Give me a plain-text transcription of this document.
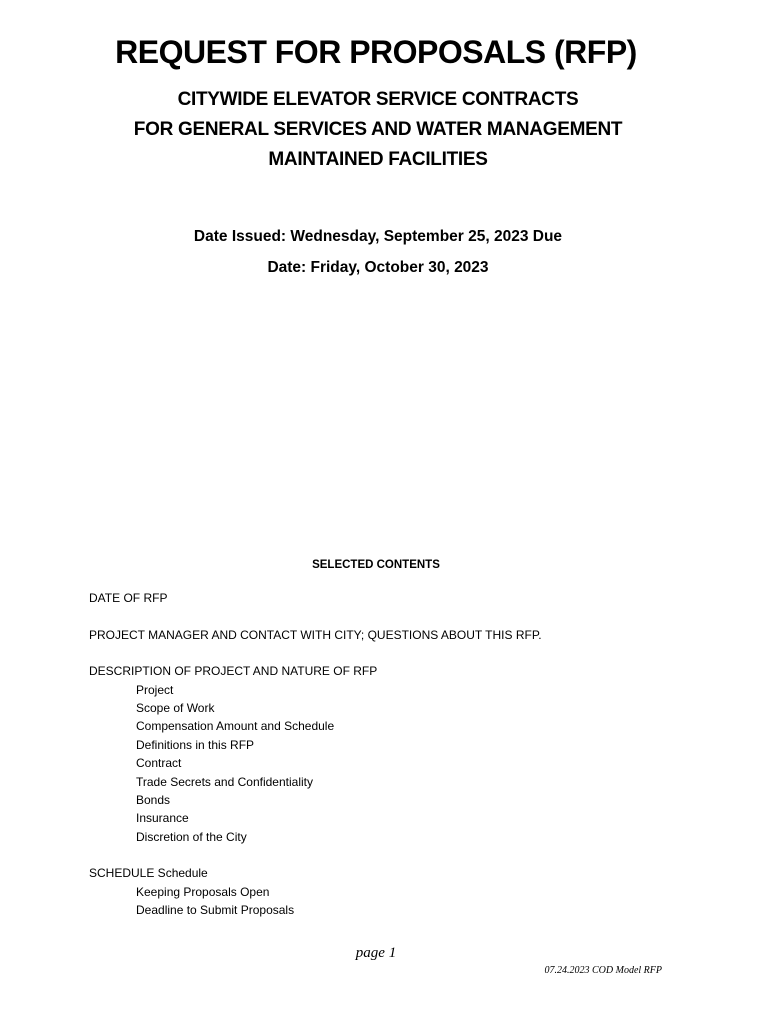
REQUEST FOR PROPOSALS (RFP)
CITYWIDE ELEVATOR SERVICE CONTRACTS
FOR GENERAL SERVICES AND WATER MANAGEMENT
MAINTAINED FACILITIES
Date Issued: Wednesday, September 25, 2023 Due
Date: Friday, October 30, 2023
SELECTED CONTENTS
DATE OF RFP
PROJECT MANAGER AND CONTACT WITH CITY; QUESTIONS ABOUT THIS RFP.
DESCRIPTION OF PROJECT AND NATURE OF RFP
Project
Scope of Work
Compensation Amount and Schedule
Definitions in this RFP
Contract
Trade Secrets and Confidentiality
Bonds
Insurance
Discretion of the City
SCHEDULE Schedule
Keeping Proposals Open
Deadline to Submit Proposals
page 1
07.24.2023 COD Model RFP
